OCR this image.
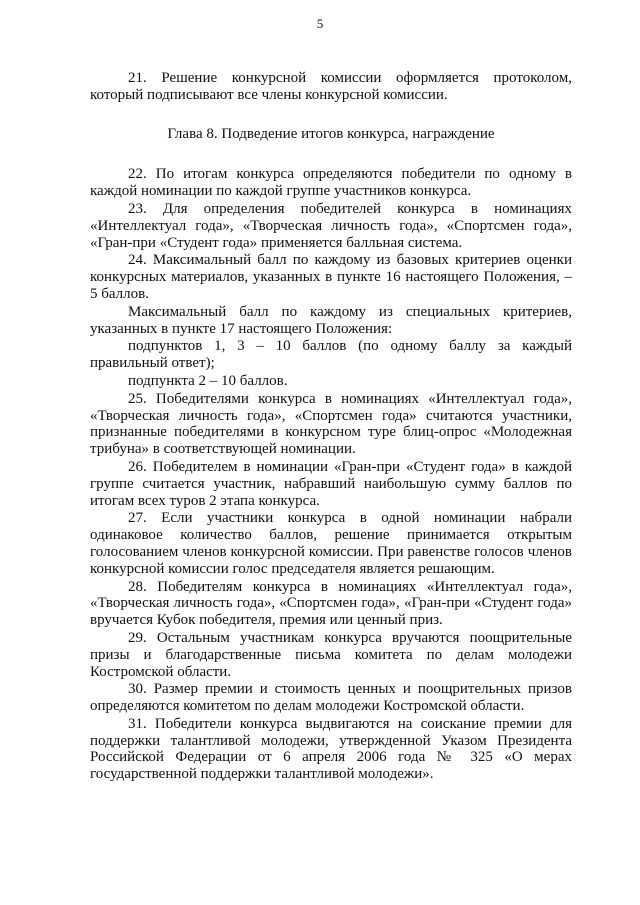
5

21. Решение конкурсной комиссии оформляется протоколом, который подписывают все члены конкурсной комиссии.

Глава 8. Подведение итогов конкурса, награждение

22. По итогам конкурса определяются победители по одному в каждой номинации по каждой группе участников конкурса.

23. Для определения победителей конкурса в номинациях «Интеллектуал года», «Творческая личность года», «Спортсмен года», «Гран-при «Студент года» применяется балльная система.

24. Максимальный балл по каждому из базовых критериев оценки конкурсных материалов, указанных в пункте 16 настоящего Положения, – 5 баллов.

Максимальный балл по каждому из специальных критериев, указанных в пункте 17 настоящего Положения:

подпунктов 1, 3 – 10 баллов (по одному баллу за каждый правильный ответ);

подпункта 2 – 10 баллов.

25. Победителями конкурса в номинациях «Интеллектуал года», «Творческая личность года», «Спортсмен года» считаются участники, признанные победителями в конкурсном туре блиц-опрос «Молодежная трибуна» в соответствующей номинации.

26. Победителем в номинации «Гран-при «Студент года» в каждой группе считается участник, набравший наибольшую сумму баллов по итогам всех туров 2 этапа конкурса.

27. Если участники конкурса в одной номинации набрали одинаковое количество баллов, решение принимается открытым голосованием членов конкурсной комиссии. При равенстве голосов членов конкурсной комиссии голос председателя является решающим.

28. Победителям конкурса в номинациях «Интеллектуал года», «Творческая личность года», «Спортсмен года», «Гран-при «Студент года» вручается Кубок победителя, премия или ценный приз.

29. Остальным участникам конкурса вручаются поощрительные призы и благодарственные письма комитета по делам молодежи Костромской области.

30. Размер премии и стоимость ценных и поощрительных призов определяются комитетом по делам молодежи Костромской области.

31. Победители конкурса выдвигаются на соискание премии для поддержки талантливой молодежи, утвержденной Указом Президента Российской Федерации от 6 апреля 2006 года № 325 «О мерах государственной поддержки талантливой молодежи».
